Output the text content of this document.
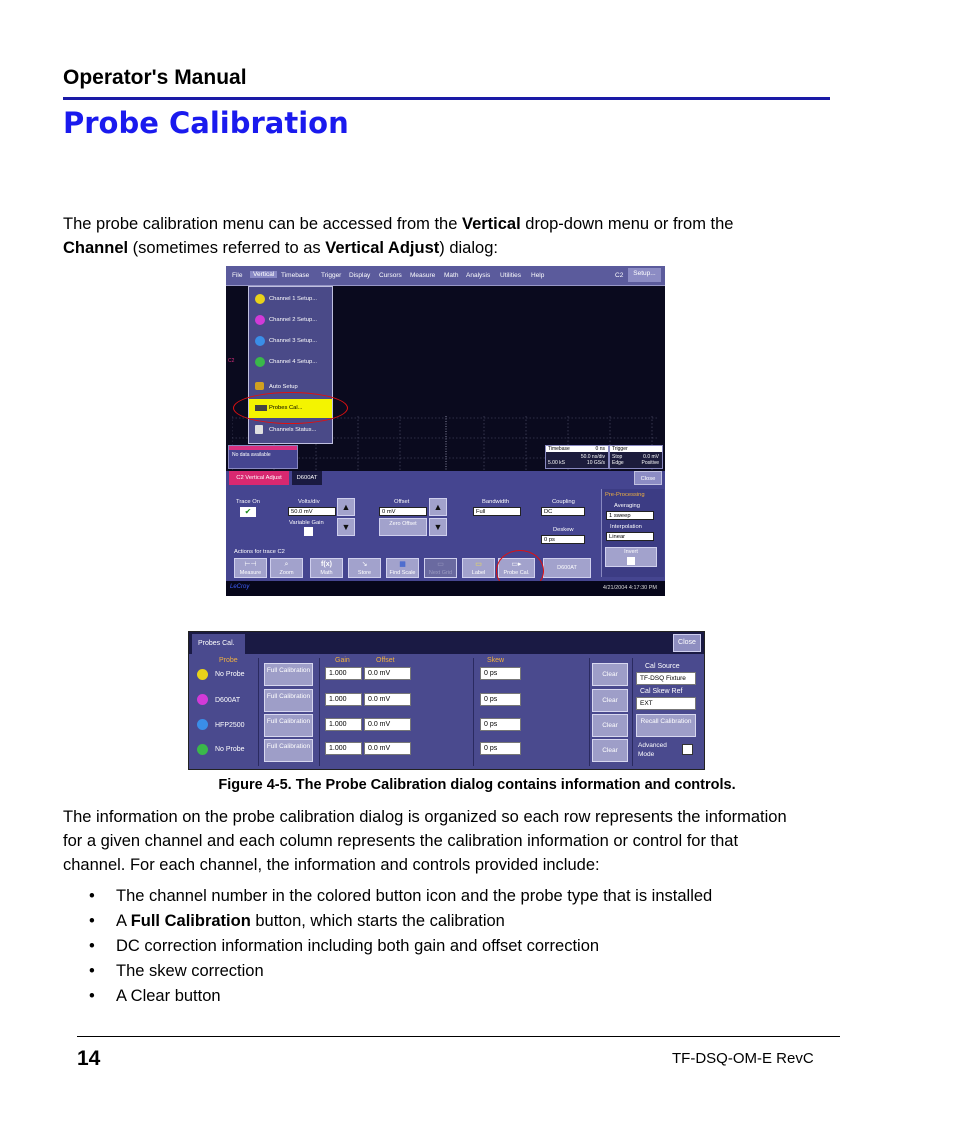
Operator's Manual
Probe Calibration
The probe calibration menu can be accessed from the Vertical drop-down menu or from the
Channel (sometimes referred to as Vertical Adjust) dialog:
File	Vertical	Timebase Trigger Display Cursors Measure Math Analysis Utilities Help	C2	Setup...
C2
Channel 1 Setup...
Channel 2 Setup...
Channel 3 Setup...
Channel 4 Setup...
Auto Setup
Probes Cal...
Channels Status...
No data available
Timebase	0 ns
50.0 ns/div
5.00 kS	10 GS/s
Trigger
Stop	0.0 mV
Edge	Positive
C2 Vertical Adjust	D600AT	Close
Trace On
✔
Volts/div
50.0 mV
Variable Gain
▲
▼
Offset
0 mV
Zero Offset
▲
▼
Bandwidth
Full
Coupling
DC
Deskew
0 ps
Pre-Processing
Averaging
1 sweep
Interpolation
Linear
Invert
Actions for trace C2
⊢⊣
Measure
⌕
Zoom
f(x)
Math
↘
Store
▦
Find Scale
▭
Next Grid
▭
Label
▭▸
Probe Cal.
D600AT
LeCroy	4/21/2004 4:17:30 PM
Probes Cal.	Close
Probe	Gain	Offset	Skew
No Probe
Full Calibration	1.000	0.0 mV	0 ps	Clear
D600AT
Full Calibration	1.000	0.0 mV	0 ps	Clear
HFP2500
Full Calibration	1.000	0.0 mV	0 ps	Clear
No Probe	Full Calibration	1.000	0.0 mV	0 ps	Clear
Cal Source
TF-DSQ Fixture
Cal Skew Ref
EXT
Recall Calibration
Advanced Mode
Figure 4-5. The Probe Calibration dialog contains information and controls.
The information on the probe calibration dialog is organized so each row represents the information for a given channel and each column represents the calibration information or control for that channel. For each channel, the information and controls provided include:
• The channel number in the colored button icon and the probe type that is installed
• A Full Calibration button, which starts the calibration
• DC correction information including both gain and offset correction
• The skew correction
• A Clear button
14	TF-DSQ-OM-E RevC
